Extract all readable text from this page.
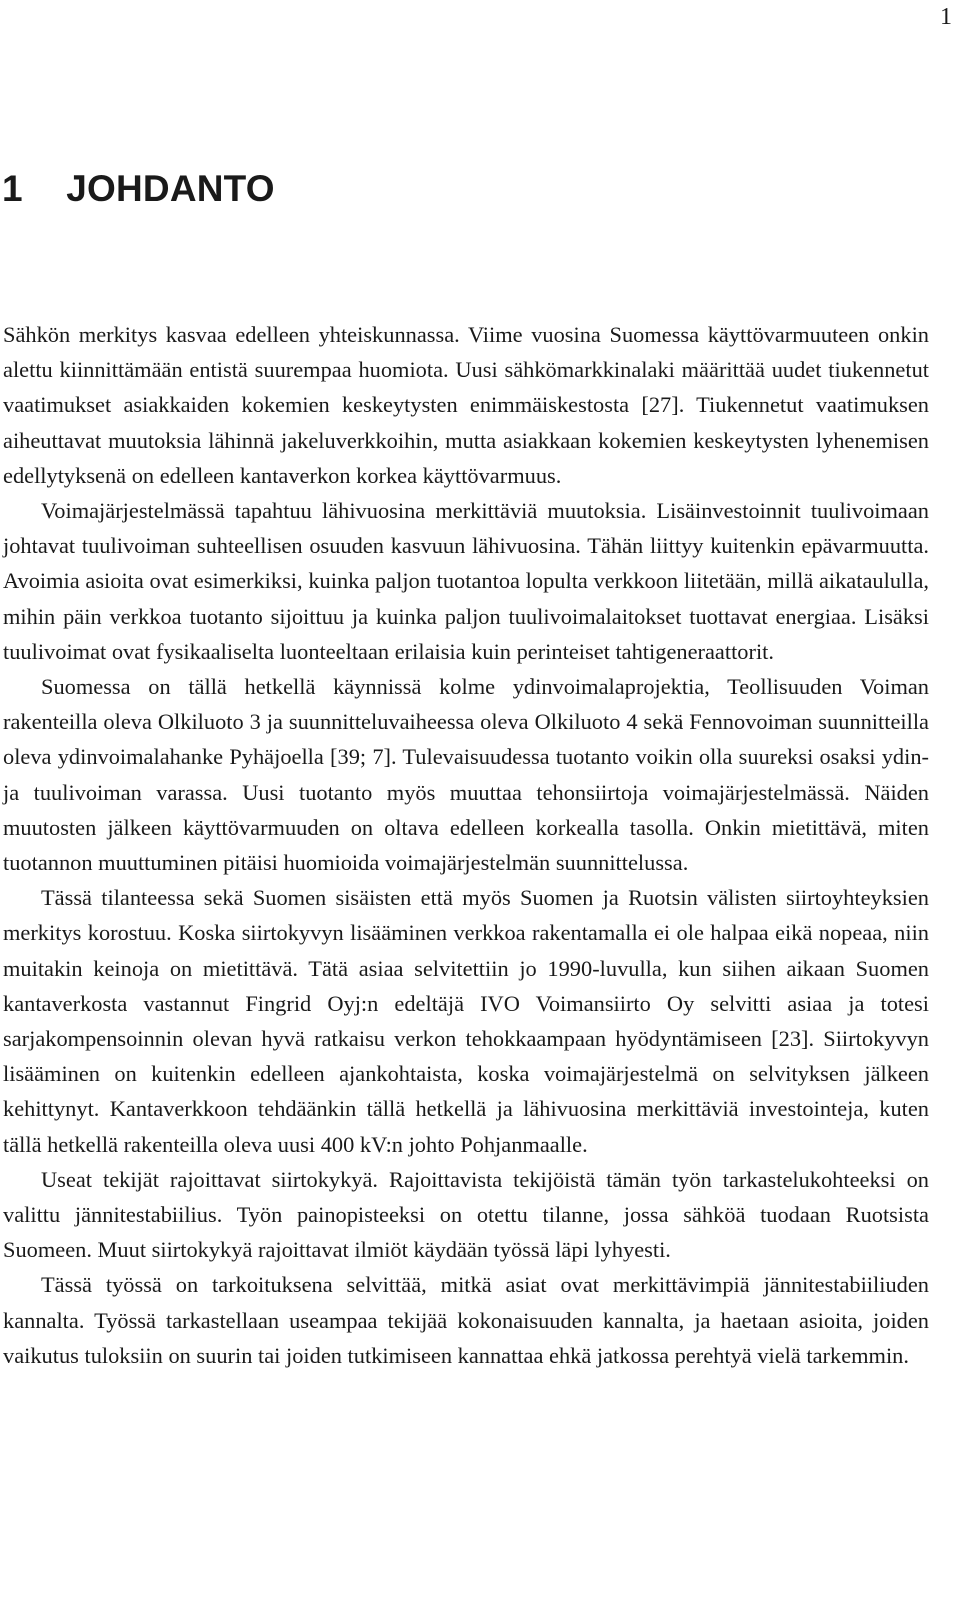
1
1 JOHDANTO

Sähkön merkitys kasvaa edelleen yhteiskunnassa. Viime vuosina Suomessa käyttövarmuuteen onkin alettu kiinnittämään entistä suurempaa huomiota. Uusi sähkömarkkinalaki määrittää uudet tiukennetut vaatimukset asiakkaiden kokemien keskeytysten enimmäiskestosta [27]. Tiukennetut vaatimuksen aiheuttavat muutoksia lähinnä jakeluverkkoihin, mutta asiakkaan kokemien keskeytysten lyhenemisen edellytyksenä on edelleen kantaverkon korkea käyttövarmuus.

Voimajärjestelmässä tapahtuu lähivuosina merkittäviä muutoksia. Lisäinvestoinnit tuulivoimaan johtavat tuulivoiman suhteellisen osuuden kasvuun lähivuosina. Tähän liittyy kuitenkin epävarmuutta. Avoimia asioita ovat esimerkiksi, kuinka paljon tuotantoa lopulta verkkoon liitetään, millä aikataululla, mihin päin verkkoa tuotanto sijoittuu ja kuinka paljon tuulivoimalaitokset tuottavat energiaa. Lisäksi tuulivoimat ovat fysikaaliselta luonteeltaan erilaisia kuin perinteiset tahtigeneraattorit.

Suomessa on tällä hetkellä käynnissä kolme ydinvoimalaprojektia, Teollisuuden Voiman rakenteilla oleva Olkiluoto 3 ja suunnitteluvaiheessa oleva Olkiluoto 4 sekä Fennovoiman suunnitteilla oleva ydinvoimalahanke Pyhäjoella [39; 7]. Tulevaisuudessa tuotanto voikin olla suureksi osaksi ydin- ja tuulivoiman varassa. Uusi tuotanto myös muuttaa tehonsiirtoja voimajärjestelmässä. Näiden muutosten jälkeen käyttövarmuuden on oltava edelleen korkealla tasolla. Onkin mietittävä, miten tuotannon muuttuminen pitäisi huomioida voimajärjestelmän suunnittelussa.

Tässä tilanteessa sekä Suomen sisäisten että myös Suomen ja Ruotsin välisten siirtoyhteyksien merkitys korostuu. Koska siirtokyvyn lisääminen verkkoa rakentamalla ei ole halpaa eikä nopeaa, niin muitakin keinoja on mietittävä. Tätä asiaa selvitettiin jo 1990-luvulla, kun siihen aikaan Suomen kantaverkosta vastannut Fingrid Oyj:n edeltäjä IVO Voimansiirto Oy selvitti asiaa ja totesi sarjakompensoinnin olevan hyvä ratkaisu verkon tehokkaampaan hyödyntämiseen [23]. Siirtokyvyn lisääminen on kuitenkin edelleen ajankohtaista, koska voimajärjestelmä on selvityksen jälkeen kehittynyt. Kantaverkkoon tehdäänkin tällä hetkellä ja lähivuosina merkittäviä investointeja, kuten tällä hetkellä rakenteilla oleva uusi 400 kV:n johto Pohjanmaalle.

Useat tekijät rajoittavat siirtokykyä. Rajoittavista tekijöistä tämän työn tarkastelukohteeksi on valittu jännitestabiilius. Työn painopisteeksi on otettu tilanne, jossa sähköä tuodaan Ruotsista Suomeen. Muut siirtokykyä rajoittavat ilmiöt käydään työssä läpi lyhyesti.

Tässä työssä on tarkoituksena selvittää, mitkä asiat ovat merkittävimpiä jännitestabiiliuden kannalta. Työssä tarkastellaan useampaa tekijää kokonaisuuden kannalta, ja haetaan asioita, joiden vaikutus tuloksiin on suurin tai joiden tutkimiseen kannattaa ehkä jatkossa perehtyä vielä tarkemmin.
